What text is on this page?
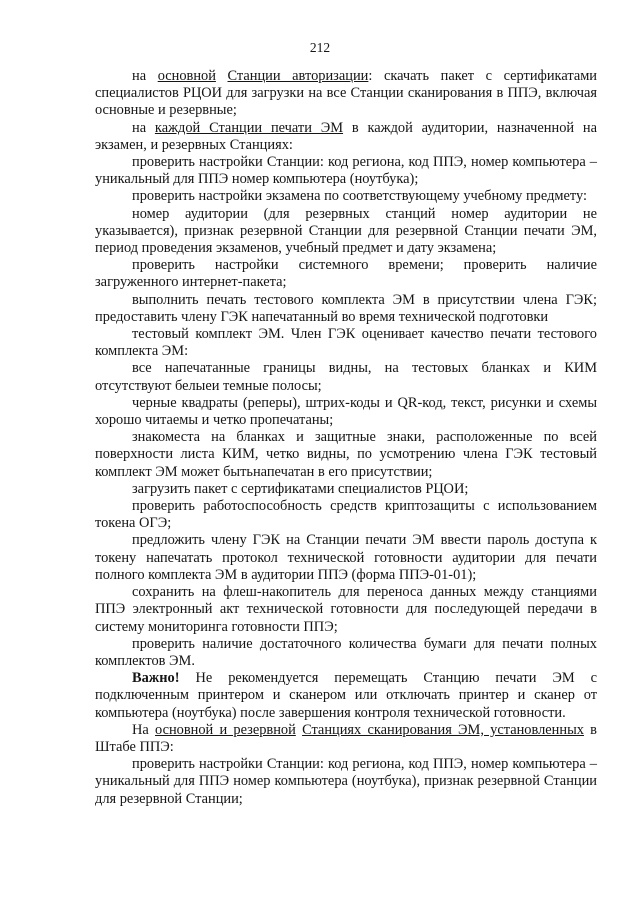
212

на основной Станции авторизации: скачать пакет с сертификатами специалистов РЦОИ для загрузки на все Станции сканирования в ППЭ, включая основные и резервные;

на каждой Станции печати ЭМ в каждой аудитории, назначенной на экзамен, и резервных Станциях:

проверить настройки Станции: код региона, код ППЭ, номер компьютера – уникальный для ППЭ номер компьютера (ноутбука);

проверить настройки экзамена по соответствующему учебному предмету:

номер аудитории (для резервных станций номер аудитории не указывается), признак резервной Станции для резервной Станции печати ЭМ, период проведения экзаменов, учебный предмет и дату экзамена;

проверить настройки системного времени; проверить наличие загруженного интернет-пакета;

выполнить печать тестового комплекта ЭМ в присутствии члена ГЭК; предоставить члену ГЭК напечатанный во время технической подготовки

тестовый комплект ЭМ. Член ГЭК оценивает качество печати тестового комплекта ЭМ:

все напечатанные границы видны, на тестовых бланках и КИМ отсутствуют белыеи темные полосы;

черные квадраты (реперы), штрих-коды и QR-код, текст, рисунки и схемы хорошо читаемы и четко пропечатаны;

знакоместа на бланках и защитные знаки, расположенные по всей поверхности листа КИМ, четко видны, по усмотрению члена ГЭК тестовый комплект ЭМ может бытьнапечатан в его присутствии;

загрузить пакет с сертификатами специалистов РЦОИ;

проверить работоспособность средств криптозащиты с использованием токена ОГЭ;

предложить члену ГЭК на Станции печати ЭМ ввести пароль доступа к токену напечатать протокол технической готовности аудитории для печати полного комплекта ЭМ в аудитории ППЭ (форма ППЭ-01-01);

сохранить на флеш-накопитель для переноса данных между станциями ППЭ электронный акт технической готовности для последующей передачи в систему мониторинга готовности ППЭ;

проверить наличие достаточного количества бумаги для печати полных комплектов ЭМ.

Важно! Не рекомендуется перемещать Станцию печати ЭМ с подключенным принтером и сканером или отключать принтер и сканер от компьютера (ноутбука) после завершения контроля технической готовности.

На основной и резервной Станциях сканирования ЭМ, установленных в Штабе ППЭ:

проверить настройки Станции: код региона, код ППЭ, номер компьютера – уникальный для ППЭ номер компьютера (ноутбука), признак резервной Станции для резервной Станции;
